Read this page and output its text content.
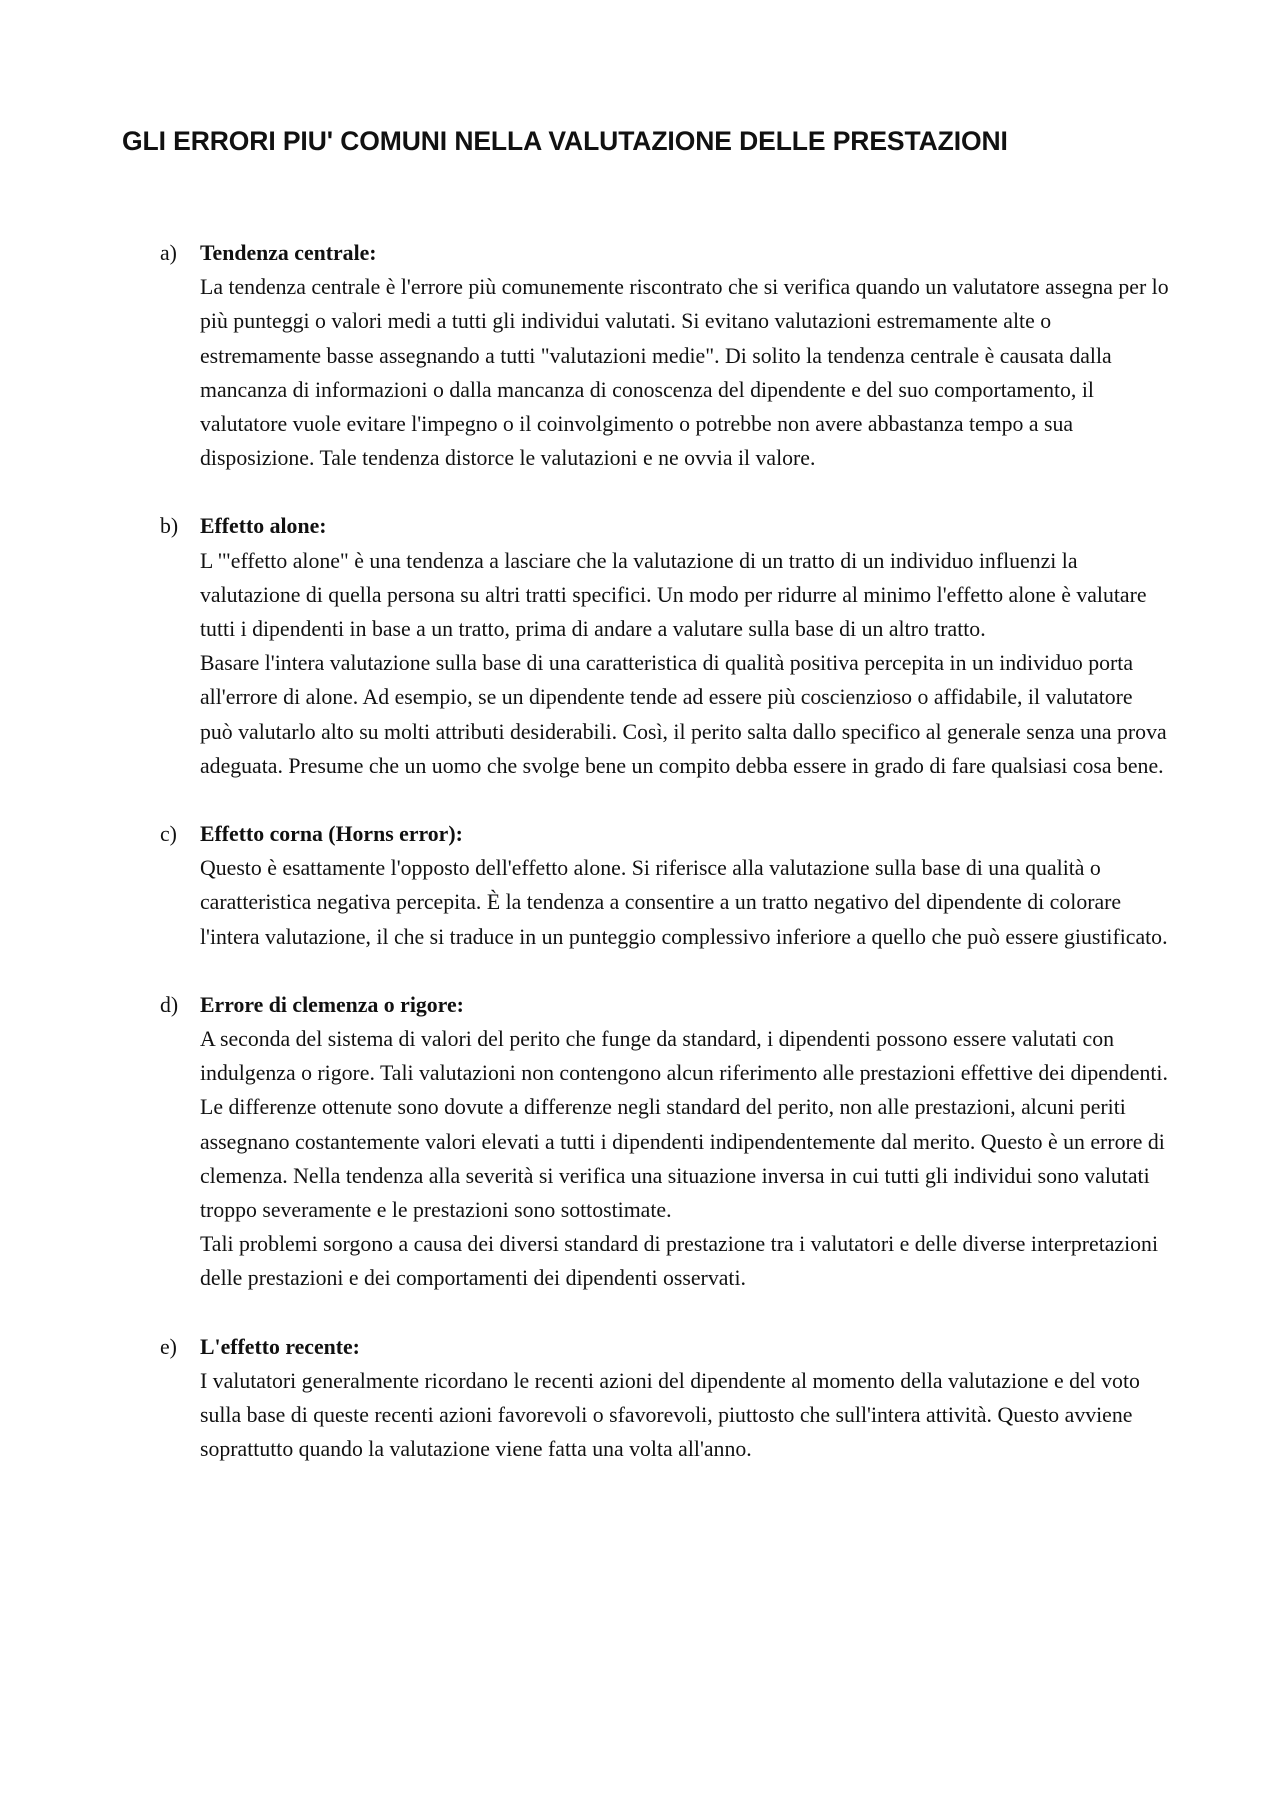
GLI ERRORI PIU' COMUNI NELLA VALUTAZIONE DELLE PRESTAZIONI
a) Tendenza centrale:

La tendenza centrale è l'errore più comunemente riscontrato che si verifica quando un valutatore assegna per lo più punteggi o valori medi a tutti gli individui valutati. Si evitano valutazioni estremamente alte o estremamente basse assegnando a tutti "valutazioni medie". Di solito la tendenza centrale è causata dalla mancanza di informazioni o dalla mancanza di conoscenza del dipendente e del suo comportamento, il valutatore vuole evitare l'impegno o il coinvolgimento o potrebbe non avere abbastanza tempo a sua disposizione. Tale tendenza distorce le valutazioni e ne ovvia il valore.

b) Effetto alone:

L '"effetto alone" è una tendenza a lasciare che la valutazione di un tratto di un individuo influenzi la valutazione di quella persona su altri tratti specifici. Un modo per ridurre al minimo l'effetto alone è valutare tutti i dipendenti in base a un tratto, prima di andare a valutare sulla base di un altro tratto.

Basare l'intera valutazione sulla base di una caratteristica di qualità positiva percepita in un individuo porta all'errore di alone. Ad esempio, se un dipendente tende ad essere più coscienzioso o affidabile, il valutatore può valutarlo alto su molti attributi desiderabili. Così, il perito salta dallo specifico al generale senza una prova adeguata. Presume che un uomo che svolge bene un compito debba essere in grado di fare qualsiasi cosa bene.

c) Effetto corna (Horns error):

Questo è esattamente l'opposto dell'effetto alone. Si riferisce alla valutazione sulla base di una qualità o caratteristica negativa percepita. È la tendenza a consentire a un tratto negativo del dipendente di colorare l'intera valutazione, il che si traduce in un punteggio complessivo inferiore a quello che può essere giustificato.

d) Errore di clemenza o rigore:

A seconda del sistema di valori del perito che funge da standard, i dipendenti possono essere valutati con indulgenza o rigore. Tali valutazioni non contengono alcun riferimento alle prestazioni effettive dei dipendenti. Le differenze ottenute sono dovute a differenze negli standard del perito, non alle prestazioni, alcuni periti assegnano costantemente valori elevati a tutti i dipendenti indipendentemente dal merito. Questo è un errore di clemenza. Nella tendenza alla severità si verifica una situazione inversa in cui tutti gli individui sono valutati troppo severamente e le prestazioni sono sottostimate.

Tali problemi sorgono a causa dei diversi standard di prestazione tra i valutatori e delle diverse interpretazioni delle prestazioni e dei comportamenti dei dipendenti osservati.

e) L'effetto recente:

I valutatori generalmente ricordano le recenti azioni del dipendente al momento della valutazione e del voto sulla base di queste recenti azioni favorevoli o sfavorevoli, piuttosto che sull'intera attività. Questo avviene soprattutto quando la valutazione viene fatta una volta all'anno.
